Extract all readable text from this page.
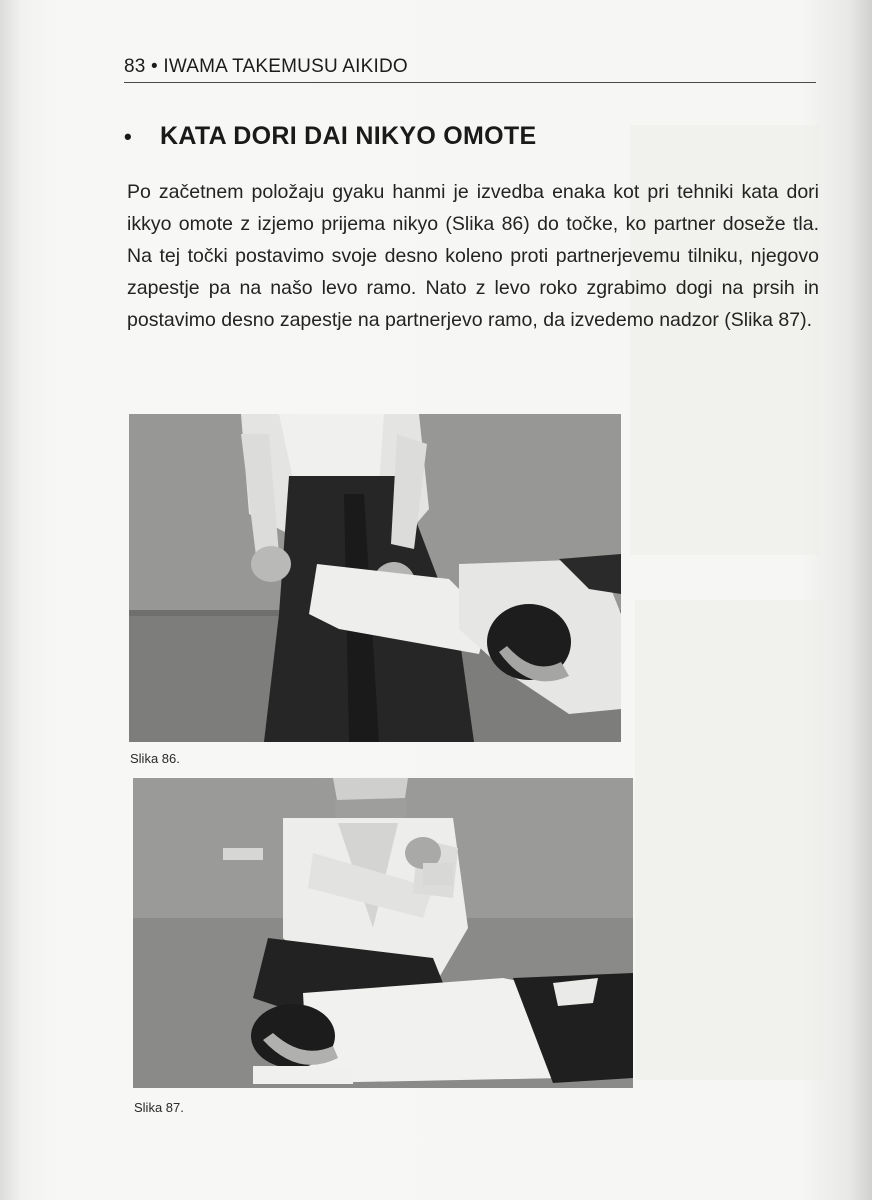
83 • IWAMA TAKEMUSU AIKIDO
• KATA DORI DAI NIKYO OMOTE
Po začetnem položaju gyaku hanmi je izvedba enaka kot pri tehniki kata dori ikkyo omote z izjemo prijema nikyo (Slika 86) do točke, ko partner doseže tla. Na tej točki postavimo svoje desno koleno proti partnerjevemu tilniku, njegovo zapestje pa na našo levo ramo. Nato z levo roko zgrabimo dogi na prsih in postavimo desno zapestje na partnerjevo ramo, da izvedemo nadzor (Slika 87).
Slika 86.
Slika 87.
